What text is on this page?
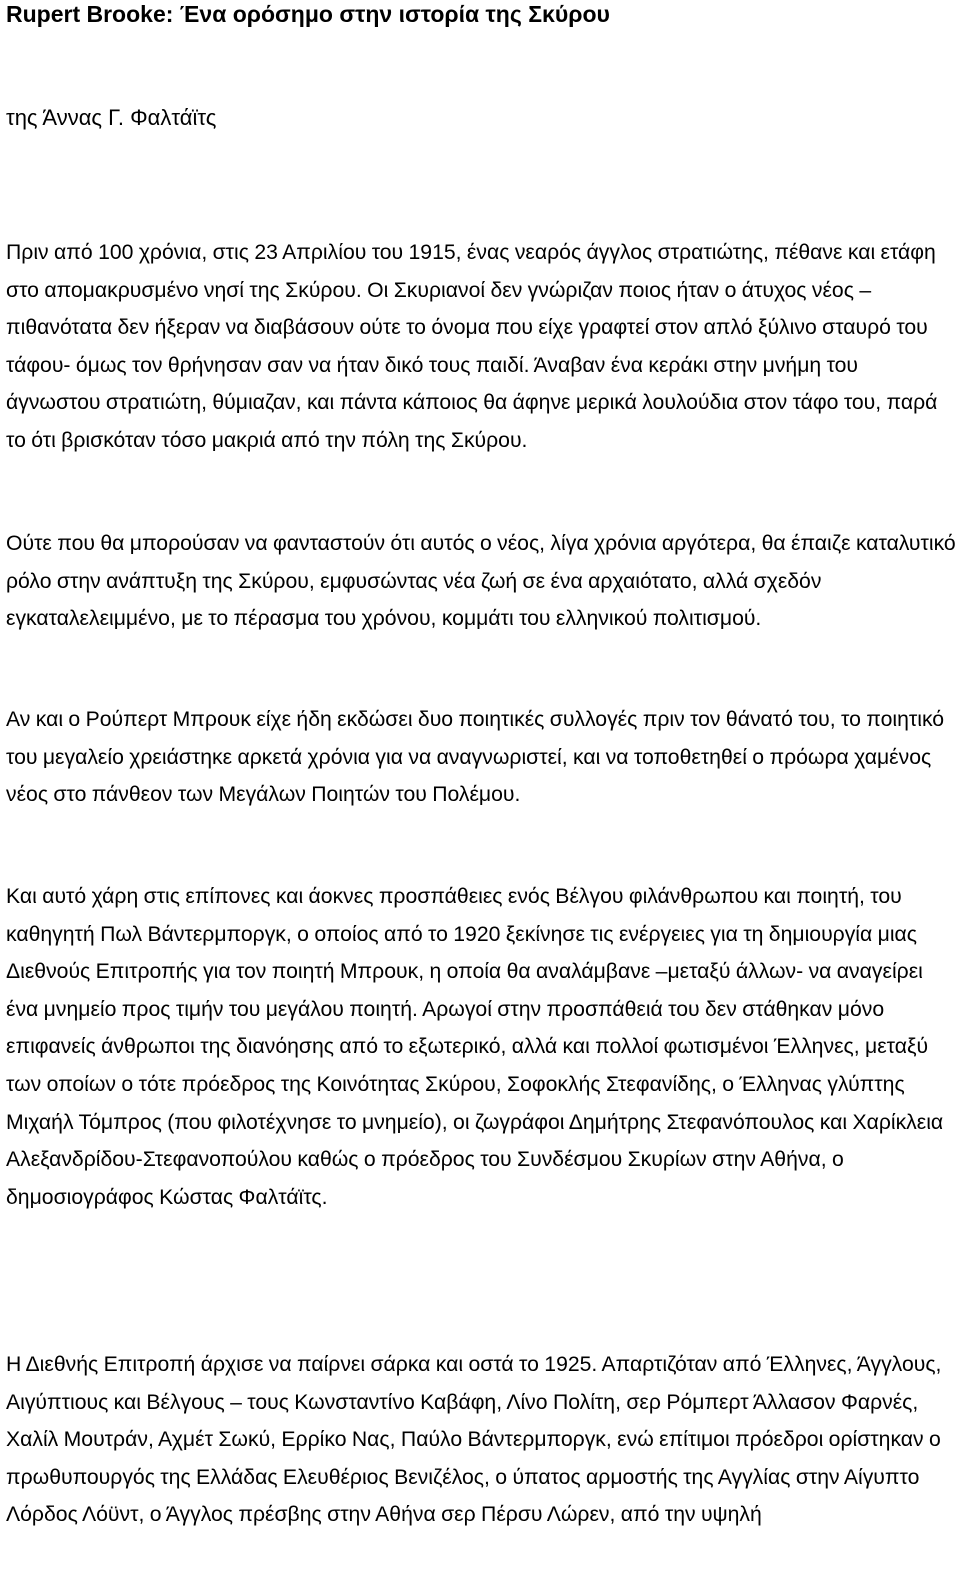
Rupert Brooke: Ένα ορόσημο στην ιστορία της Σκύρου

της Άννας Γ. Φαλτάϊτς

Πριν από 100 χρόνια, στις 23 Απριλίου του 1915, ένας νεαρός άγγλος στρατιώτης, πέθανε και ετάφη στο απομακρυσμένο νησί της Σκύρου. Οι Σκυριανοί δεν γνώριζαν ποιος ήταν ο άτυχος νέος –πιθανότατα δεν ήξεραν να διαβάσουν ούτε το όνομα που είχε γραφτεί στον απλό ξύλινο σταυρό του τάφου- όμως τον θρήνησαν σαν να ήταν δικό τους παιδί. Άναβαν ένα κεράκι στην μνήμη του άγνωστου στρατιώτη, θύμιαζαν, και πάντα κάποιος θα άφηνε μερικά λουλούδια στον τάφο του, παρά το ότι βρισκόταν τόσο μακριά από την πόλη της Σκύρου.

Ούτε που θα μπορούσαν να φανταστούν ότι αυτός ο νέος, λίγα χρόνια αργότερα, θα έπαιζε καταλυτικό ρόλο στην ανάπτυξη της Σκύρου, εμφυσώντας νέα ζωή σε ένα αρχαιότατο, αλλά σχεδόν εγκαταλελειμμένο, με το πέρασμα του χρόνου, κομμάτι του ελληνικού πολιτισμού.

Αν και ο Ρούπερτ Μπρουκ είχε ήδη εκδώσει δυο ποιητικές συλλογές πριν τον θάνατό του, το ποιητικό του μεγαλείο χρειάστηκε αρκετά χρόνια για να αναγνωριστεί, και να τοποθετηθεί ο πρόωρα χαμένος νέος στο πάνθεον των Μεγάλων Ποιητών του Πολέμου.

Και αυτό χάρη στις επίπονες και άοκνες προσπάθειες ενός Βέλγου φιλάνθρωπου και ποιητή, του καθηγητή Πωλ Βάντερμποργκ, ο οποίος από το 1920 ξεκίνησε τις ενέργειες για τη δημιουργία μιας Διεθνούς Επιτροπής για τον ποιητή Μπρουκ, η οποία θα αναλάμβανε –μεταξύ άλλων- να αναγείρει ένα μνημείο προς τιμήν του μεγάλου ποιητή. Αρωγοί στην προσπάθειά του δεν στάθηκαν μόνο επιφανείς άνθρωποι της διανόησης από το εξωτερικό, αλλά και πολλοί φωτισμένοι Έλληνες, μεταξύ των οποίων ο τότε πρόεδρος της Κοινότητας Σκύρου, Σοφοκλής Στεφανίδης, ο Έλληνας γλύπτης Μιχαήλ Τόμπρος (που φιλοτέχνησε το μνημείο), οι ζωγράφοι Δημήτρης Στεφανόπουλος και Χαρίκλεια Αλεξανδρίδου-Στεφανοπούλου καθώς ο πρόεδρος του Συνδέσμου Σκυρίων στην Αθήνα, ο δημοσιογράφος Κώστας Φαλτάϊτς.

Η Διεθνής Επιτροπή άρχισε να παίρνει σάρκα και οστά το 1925. Απαρτιζόταν από Έλληνες, Άγγλους, Αιγύπτιους και Βέλγους – τους Κωνσταντίνο Καβάφη, Λίνο Πολίτη, σερ Ρόμπερτ Άλλασον Φαρνές, Χαλίλ Μουτράν, Αχμέτ Σωκύ, Ερρίκο Νας, Παύλο Βάντερμποργκ, ενώ επίτιμοι πρόεδροι ορίστηκαν ο πρωθυπουργός της Ελλάδας Ελευθέριος Βενιζέλος, ο ύπατος αρμοστής της Αγγλίας στην Αίγυπτο Λόρδος Λόϋντ, ο Άγγλος πρέσβης στην Αθήνα σερ Πέρσυ Λώρεν, από την υψηλή
